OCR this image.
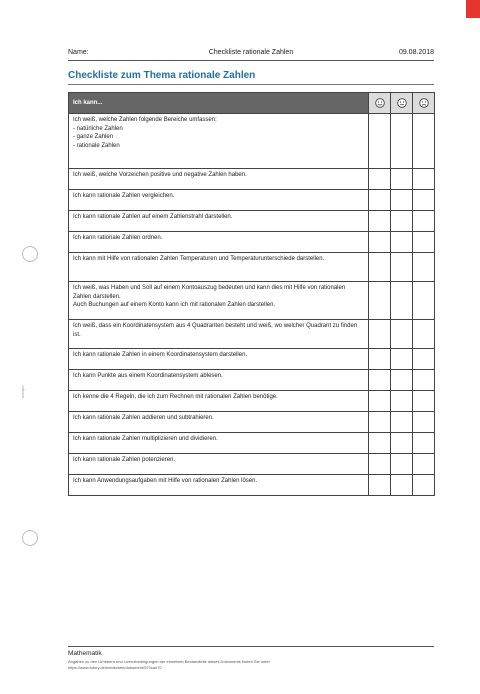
anonym
Name:	Checkliste rationale Zahlen	09.08.2018
Checkliste zum Thema rationale Zahlen
Ich kann...	

Ich weiß, welche Zahlen folgende Bereiche umfassen:
- natürliche Zahlen
- ganze Zahlen
- rationale Zahlen			
Ich weiß, welche Vorzeichen positive und negative Zahlen haben.			
Ich kann rationale Zahlen vergleichen.			
Ich kann rationale Zahlen auf einem Zahlenstrahl darstellen.			
Ich kann rationale Zahlen ordnen.			
Ich kann mit Hilfe von rationalen Zahlen Temperaturen und Temperaturunterschiede darstellen.			
Ich weiß, was Haben und Soll auf einem Kontoauszug bedeuten und kann dies mit Hilfe von rationalen Zahlen darstellen.
Auch Buchungen auf einem Konto kann ich mit rationalen Zahlen darstellen.			
Ich weiß, dass ein Koordinatensystem aus 4 Quadranten besteht und weiß, wo welcher Quadrant zu finden ist.			
Ich kann rationale Zahlen in einem Koordinatensystem darstellen.			
Ich kann Punkte aus einem Koordinatensystem ablesen.			
Ich kenne die 4 Regeln, die ich zum Rechnen mit rationalen Zahlen benötige.			
Ich kann rationale Zahlen addieren und subtrahieren.			
Ich kann rationale Zahlen multiplizieren und dividieren.			
Ich kann rationale Zahlen potenzieren.			
Ich kann Anwendungsaufgaben mit Hilfe von rationalen Zahlen lösen.			
Mathematik
Angaben zu den Urhebern und Lizenzbedingungen der einzelnen Bestandteile dieses Dokuments finden Sie unter
https://www.tutory.de/entdecken/dokument/570cac70
